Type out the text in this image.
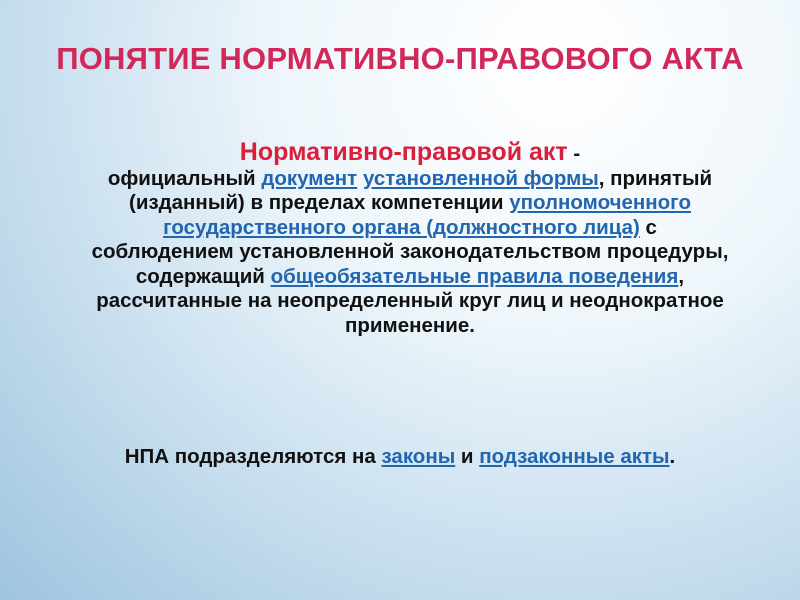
ПОНЯТИЕ НОРМАТИВНО-ПРАВОВОГО АКТА
Нормативно-правовой акт -
официальный документ установленной формы, принятый (изданный) в пределах компетенции уполномоченного государственного органа (должностного лица) с соблюдением установленной законодательством процедуры, содержащий общеобязательные правила поведения, рассчитанные на неопределенный круг лиц и неоднократное применение.
НПА подразделяются на законы и подзаконные акты.
